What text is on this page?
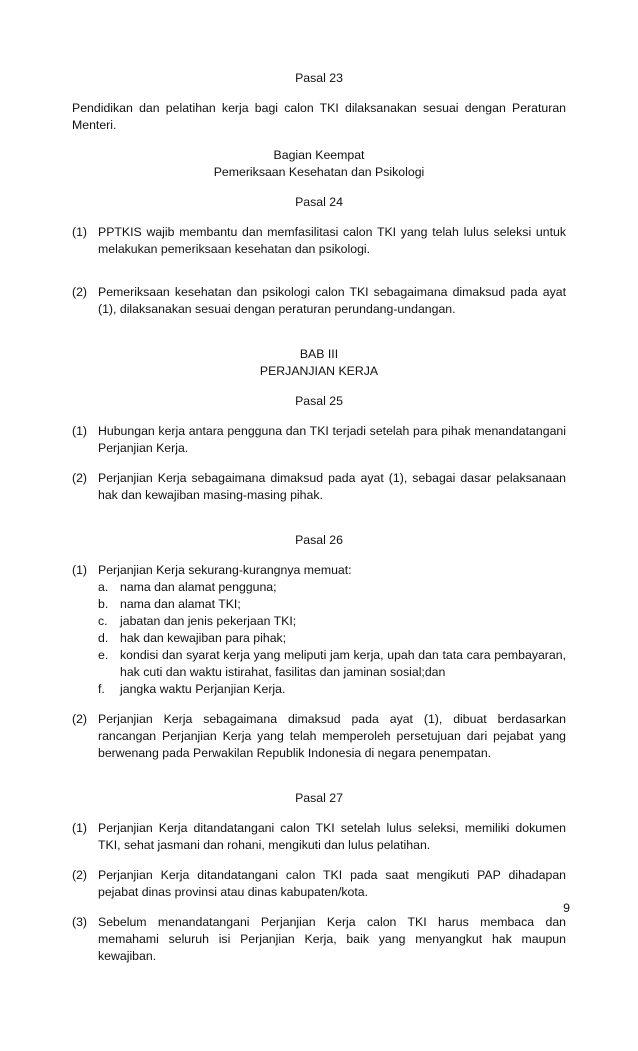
Pasal 23

Pendidikan dan pelatihan kerja bagi calon TKI dilaksanakan sesuai dengan Peraturan Menteri.

Bagian Keempat

Pemeriksaan Kesehatan dan Psikologi

Pasal 24

(1) PPTKIS wajib membantu dan memfasilitasi calon TKI yang telah lulus seleksi untuk melakukan pemeriksaan kesehatan dan psikologi.
(2) Pemeriksaan kesehatan dan psikologi calon TKI sebagaimana dimaksud pada ayat (1), dilaksanakan sesuai dengan peraturan perundang-undangan.

BAB III

PERJANJIAN KERJA

Pasal 25

(1) Hubungan kerja antara pengguna dan TKI terjadi setelah para pihak menandatangani Perjanjian Kerja.
(2) Perjanjian Kerja sebagaimana dimaksud pada ayat (1), sebagai dasar pelaksanaan hak dan kewajiban masing-masing pihak.

Pasal 26

(1) Perjanjian Kerja sekurang-kurangnya memuat:

a. nama dan alamat pengguna;
b. nama dan alamat TKI;
c.	jabatan dan jenis pekerjaan TKI;
d. hak dan kewajiban para pihak;
e. kondisi dan syarat kerja yang meliputi jam kerja, upah dan tata cara pembayaran, hak cuti dan waktu istirahat, fasilitas dan jaminan sosial;dan
f.	jangka waktu Perjanjian Kerja.
(2) Perjanjian Kerja sebagaimana dimaksud pada ayat (1), dibuat berdasarkan rancangan Perjanjian Kerja yang telah memperoleh persetujuan dari pejabat yang berwenang pada Perwakilan Republik Indonesia di negara penempatan.

Pasal 27

(1) Perjanjian Kerja ditandatangani calon TKI setelah lulus seleksi, memiliki dokumen TKI, sehat jasmani dan rohani, mengikuti dan lulus pelatihan.
(2) Perjanjian Kerja ditandatangani calon TKI pada saat mengikuti PAP dihadapan pejabat dinas provinsi atau dinas kabupaten/kota.
(3) Sebelum menandatangani Perjanjian Kerja calon TKI harus membaca dan memahami seluruh isi Perjanjian Kerja, baik yang menyangkut hak maupun kewajiban.
9
